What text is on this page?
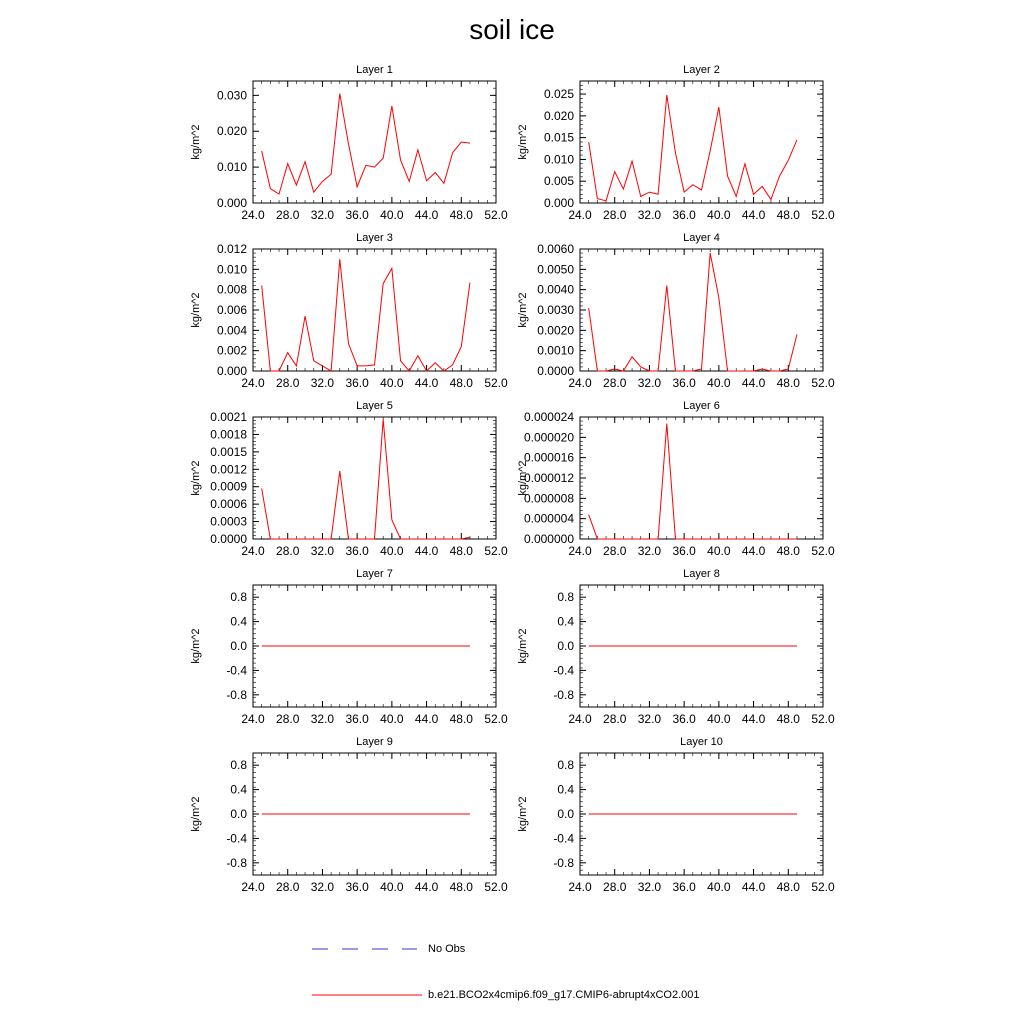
soil ice
Layer 1
kg/m^2
24.0 28.0 32.0 36.0 40.0 44.0 48.0 52.0
0.000
0.010
0.020
0.030
Layer 2
kg/m^2
24.0 28.0 32.0 36.0 40.0 44.0 48.0 52.0
0.000
0.005
0.010
0.015
0.020
0.025
Layer 3
kg/m^2
24.0 28.0 32.0 36.0 40.0 44.0 48.0 52.0
0.000
0.002
0.004
0.006
0.008
0.010
0.012
Layer 4
kg/m^2
24.0 28.0 32.0 36.0 40.0 44.0 48.0 52.0
0.0000
0.0010
0.0020
0.0030
0.0040
0.0050
0.0060
Layer 5
kg/m^2
24.0 28.0 32.0 36.0 40.0 44.0 48.0 52.0
0.0000
0.0003
0.0006
0.0009
0.0012
0.0015
0.0018
0.0021
Layer 6
kg/m^2
24.0 28.0 32.0 36.0 40.0 44.0 48.0 52.0
0.000000
0.000004
0.000008
0.000012
0.000016
0.000020
0.000024
Layer 7
kg/m^2
24.0 28.0 32.0 36.0 40.0 44.0 48.0 52.0
-0.8
-0.4
0.0
0.4
0.8
Layer 8
kg/m^2
24.0 28.0 32.0 36.0 40.0 44.0 48.0 52.0
-0.8
-0.4
0.0
0.4
0.8
Layer 9
kg/m^2
24.0 28.0 32.0 36.0 40.0 44.0 48.0 52.0
-0.8
-0.4
0.0
0.4
0.8
Layer 10
kg/m^2
24.0 28.0 32.0 36.0 40.0 44.0 48.0 52.0
-0.8
-0.4
0.0
0.4
0.8
No Obs
b.e21.BCO2x4cmip6.f09_g17.CMIP6-abrupt4xCO2.001
